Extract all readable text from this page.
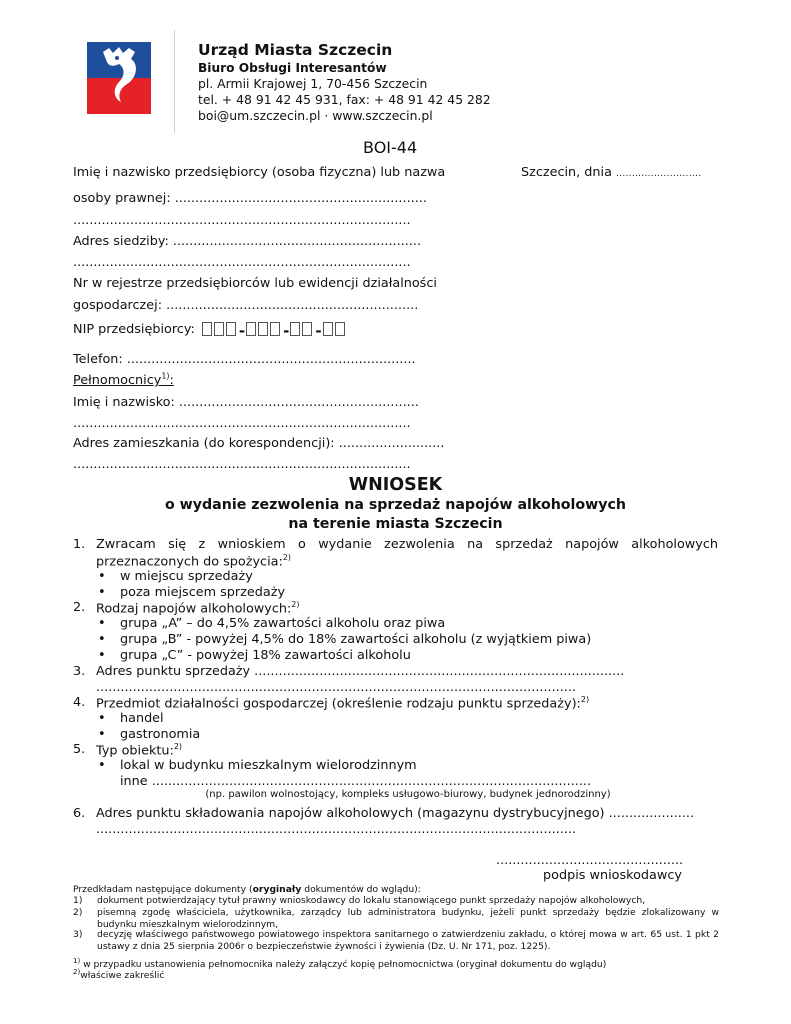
Urząd Miasta Szczecin
Biuro Obsługi Interesantów
pl. Armii Krajowej 1, 70-456 Szczecin
tel. + 48 91 42 45 931, fax: + 48 91 42 45 282
boi@um.szczecin.pl · www.szczecin.pl
BOI-44
Szczecin, dnia ...........................
Imię i nazwisko przedsiębiorcy (osoba fizyczna) lub nazwa
osoby prawnej: ..............................................................
...................................................................................
Adres siedziby: .............................................................
...................................................................................
Nr w rejestrze przedsiębiorców lub ewidencji działalności
gospodarczej: ..............................................................
NIP przedsiębiorcy:	-	- -
Telefon: .......................................................................
Pełnomocnicy$^{1)}$:
Imię i nazwisko: ...........................................................
...................................................................................
Adres zamieszkania (do korespondencji): ..........................
...................................................................................
WNIOSEK
o wydanie zezwolenia na sprzedaż napojów alkoholowych
na terenie miasta Szczecin
1. Zwracam się z wnioskiem o wydanie zezwolenia na sprzedaż napojów alkoholowych
przeznaczonych do spożycia:$^{2)}$
• w miejscu sprzedaży
• poza miejscem sprzedaży
2. Rodzaj napojów alkoholowych:$^{2)}$
• grupa „A” – do 4,5% zawartości alkoholu oraz piwa
• grupa „B” - powyżej 4,5% do 18% zawartości alkoholu (z wyjątkiem piwa)
• grupa „C” - powyżej 18% zawartości alkoholu
3. Adres punktu sprzedaży ...........................................................................................
......................................................................................................................
4. Przedmiot działalności gospodarczej (określenie rodzaju punktu sprzedaży):$^{2)}$
• handel
• gastronomia
5. Typ obiektu:$^{2)}$
• lokal w budynku mieszkalnym wielorodzinnym
• inne ............................................................................................................
(np. pawilon wolnostojący, kompleks usługowo-biurowy, budynek jednorodzinny)
6. Adres punktu składowania napojów alkoholowych (magazynu dystrybucyjnego) .....................
......................................................................................................................
..............................................
podpis wnioskodawcy
Przedkładam następujące dokumenty (oryginały dokumentów do wglądu):
1) dokument potwierdzający tytuł prawny wnioskodawcy do lokalu stanowiącego punkt sprzedaży napojów alkoholowych,
2) pisemną zgodę właściciela, użytkownika, zarządcy lub administratora budynku, jeżeli punkt sprzedaży będzie zlokalizowany w budynku mieszkalnym wielorodzinnym,
3) decyzję właściwego państwowego powiatowego inspektora sanitarnego o zatwierdzeniu zakładu, o której mowa w art. 65 ust. 1 pkt 2 ustawy z dnia 25 sierpnia 2006r o bezpieczeństwie żywności i żywienia (Dz. U. Nr 171, poz. 1225).
$^{1)}$ w przypadku ustanowienia pełnomocnika należy załączyć kopię pełnomocnictwa (oryginał dokumentu do wglądu)
$^{2)}$właściwe zakreślić
